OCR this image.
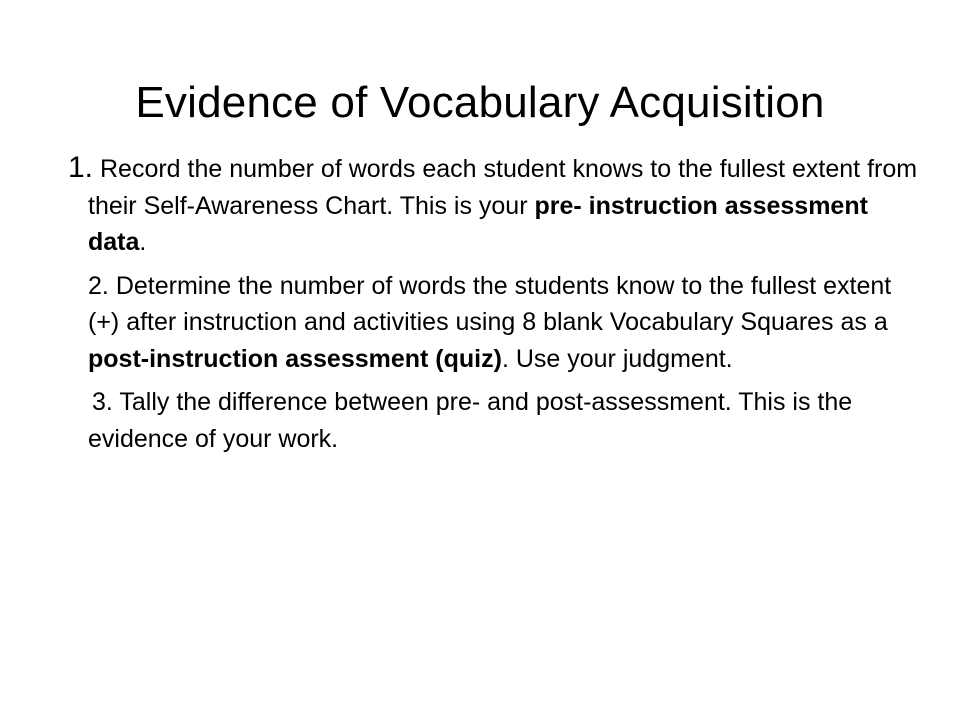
Evidence of Vocabulary Acquisition

1. Record the number of words each student knows to the fullest extent from their Self-Awareness Chart. This is your pre- instruction assessment data.

2. Determine the number of words the students know to the fullest extent (+) after instruction and activities using 8 blank Vocabulary Squares as a post-instruction assessment (quiz). Use your judgment.

3. Tally the difference between pre- and post-assessment. This is the evidence of your work.
